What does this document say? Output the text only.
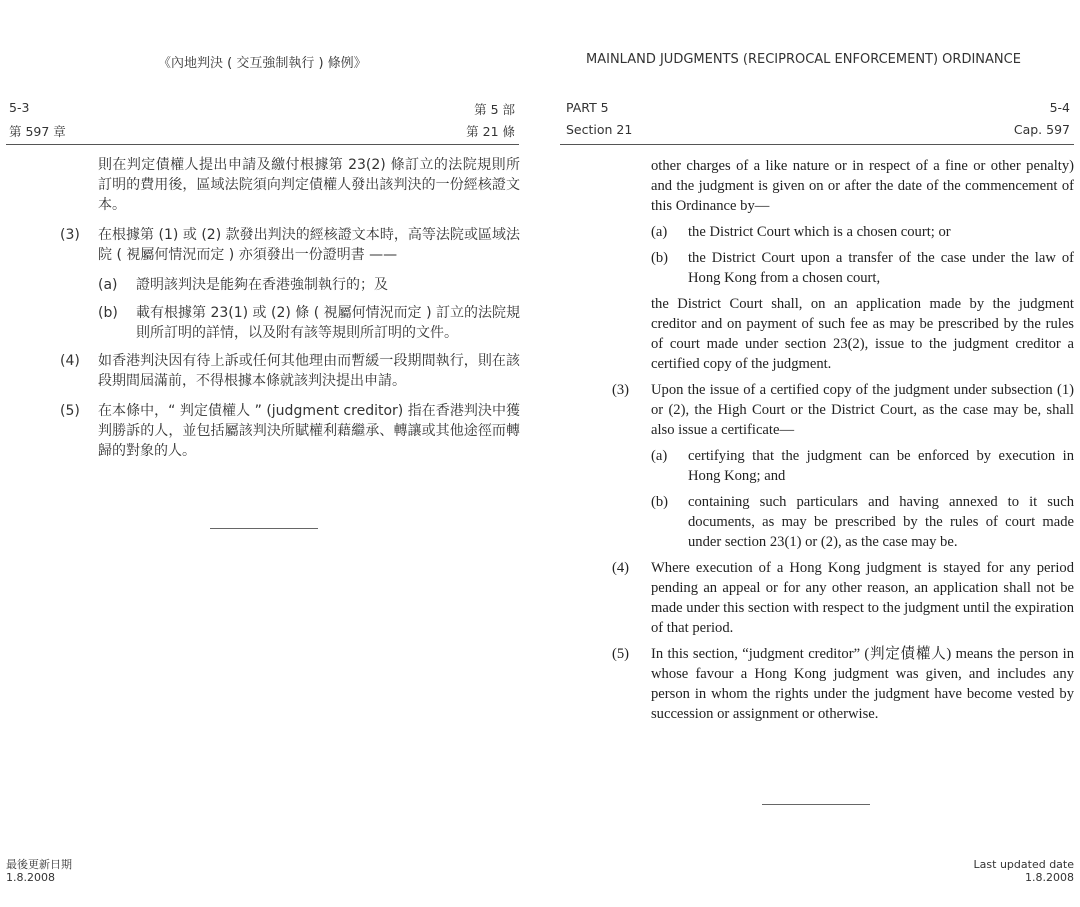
《內地判決 ( 交互強制執行 ) 條例》
5-3
第 597 章
第 5 部
第 21 條

則在判定債權人提出申請及繳付根據第 23(2) 條訂立的法院規則所訂明的費用後，區域法院須向判定債權人發出該判決的一份經核證文本。

(3) 在根據第 (1) 或 (2) 款發出判決的經核證文本時，高等法院或區域法院 ( 視屬何情況而定 ) 亦須發出一份證明書 ——

(a) 證明該判決是能夠在香港強制執行的；及

(b) 載有根據第 23(1) 或 (2) 條 ( 視屬何情況而定 ) 訂立的法院規則所訂明的詳情，以及附有該等規則所訂明的文件。

(4) 如香港判決因有待上訴或任何其他理由而暫緩一段期間執行，則在該段期間屆滿前，不得根據本條就該判決提出申請。

(5) 在本條中，“ 判定債權人 ” (judgment creditor) 指在香港判決中獲判勝訴的人，並包括屬該判決所賦權利藉繼承、轉讓或其他途徑而轉歸的對象的人。

MAINLAND JUDGMENTS (RECIPROCAL ENFORCEMENT) ORDINANCE
PART 5
Section 21
5-4
Cap. 597

other charges of a like nature or in respect of a fine or other penalty) and the judgment is given on or after the date of the commencement of this Ordinance by—

(a) the District Court which is a chosen court; or

(b) the District Court upon a transfer of the case under the law of Hong Kong from a chosen court,

the District Court shall, on an application made by the judgment creditor and on payment of such fee as may be prescribed by the rules of court made under section 23(2), issue to the judgment creditor a certified copy of the judgment.

(3) Upon the issue of a certified copy of the judgment under subsection (1) or (2), the High Court or the District Court, as the case may be, shall also issue a certificate—

(a) certifying that the judgment can be enforced by execution in Hong Kong; and

(b) containing such particulars and having annexed to it such documents, as may be prescribed by the rules of court made under section 23(1) or (2), as the case may be.

(4) Where execution of a Hong Kong judgment is stayed for any period pending an appeal or for any other reason, an application shall not be made under this section with respect to the judgment until the expiration of that period.

(5) In this section, “judgment creditor” (判定債權人) means the person in whose favour a Hong Kong judgment was given, and includes any person in whom the rights under the judgment have become vested by succession or assignment or otherwise.

最後更新日期
1.8.2008
Last updated date
1.8.2008
